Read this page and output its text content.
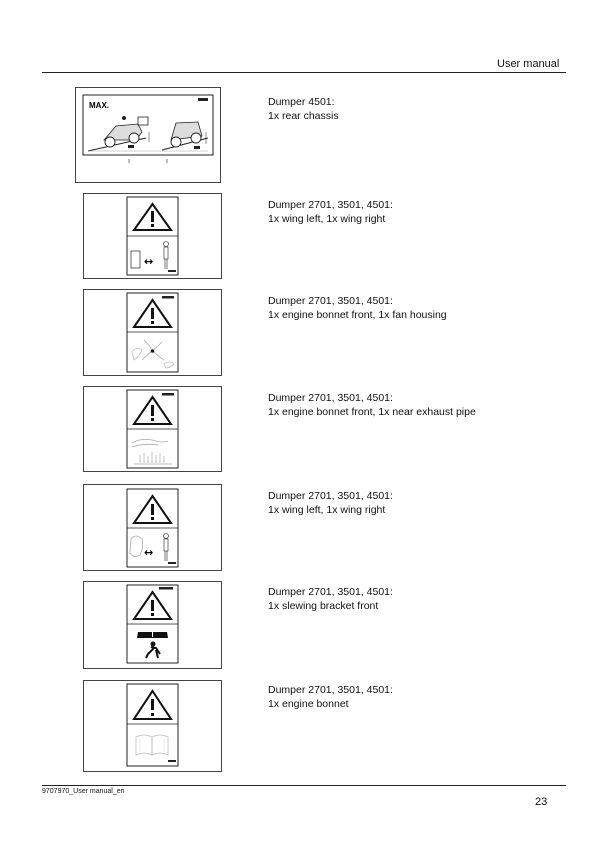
User manual
MAX.	Dumper 4501:
1x rear chassis
↔
Dumper 2701, 3501, 4501:
1x wing left, 1x wing right
Dumper 2701, 3501, 4501:
1x engine bonnet front, 1x fan housing
Dumper 2701, 3501, 4501:
1x engine bonnet front, 1x near exhaust pipe
↔
Dumper 2701, 3501, 4501:
1x wing left, 1x wing right
Dumper 2701, 3501, 4501:
1x slewing bracket front
Dumper 2701, 3501, 4501:
1x engine bonnet
9707970_User manual_en
23
